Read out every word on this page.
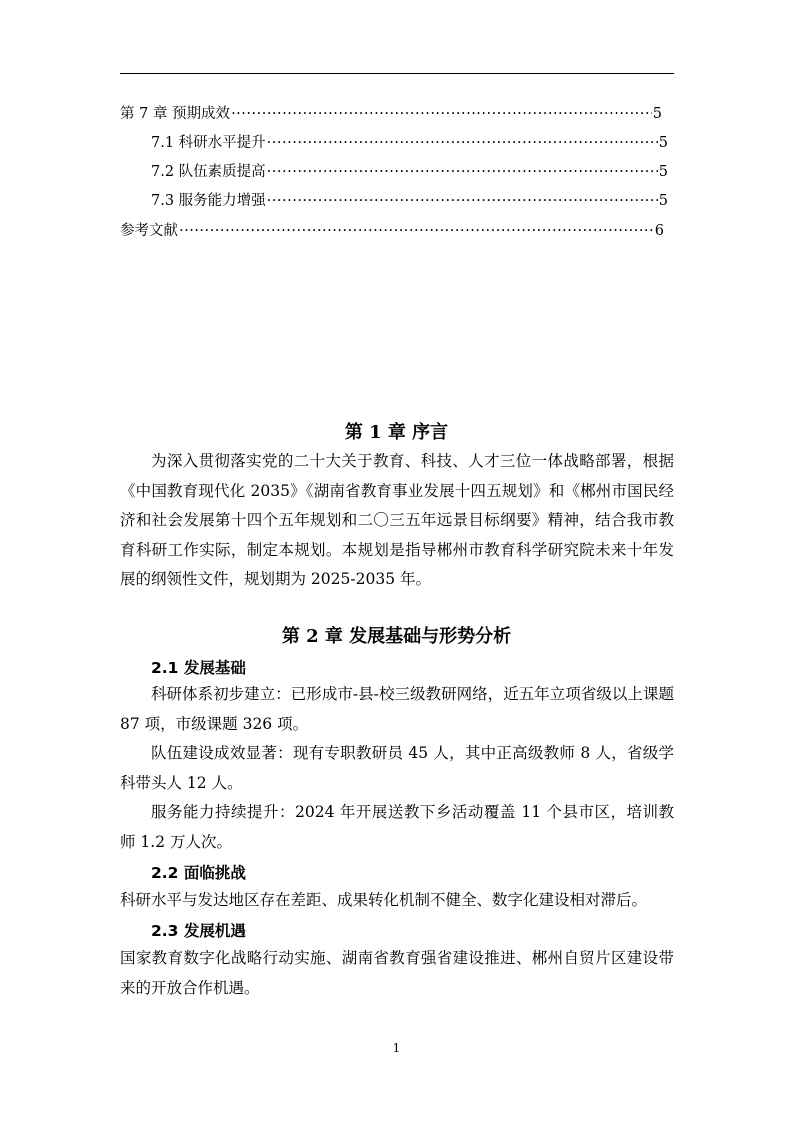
第 7 章 预期成效 ·····	5
7.1 科研水平提升 ·····	5
7.2 队伍素质提高 ·····	5
7.3 服务能力增强 ·····	5
参考文献 ·····	6
第 1 章 序言
为深入贯彻落实党的二十大关于教育、科技、人才三位一体战略部署，根据《中国教育现代化 2035》《湖南省教育事业发展十四五规划》和《郴州市国民经济和社会发展第十四个五年规划和二〇三五年远景目标纲要》精神，结合我市教育科研工作实际，制定本规划。本规划是指导郴州市教育科学研究院未来十年发展的纲领性文件，规划期为 2025-2035 年。
第 2 章 发展基础与形势分析
2.1 发展基础
科研体系初步建立：已形成市-县-校三级教研网络，近五年立项省级以上课题 87 项，市级课题 326 项。
队伍建设成效显著：现有专职教研员 45 人，其中正高级教师 8 人，省级学科带头人 12 人。
服务能力持续提升：2024 年开展送教下乡活动覆盖 11 个县市区，培训教师 1.2 万人次。
2.2 面临挑战
科研水平与发达地区存在差距、成果转化机制不健全、数字化建设相对滞后。
2.3 发展机遇
国家教育数字化战略行动实施、湖南省教育强省建设推进、郴州自贸片区建设带来的开放合作机遇。
1
